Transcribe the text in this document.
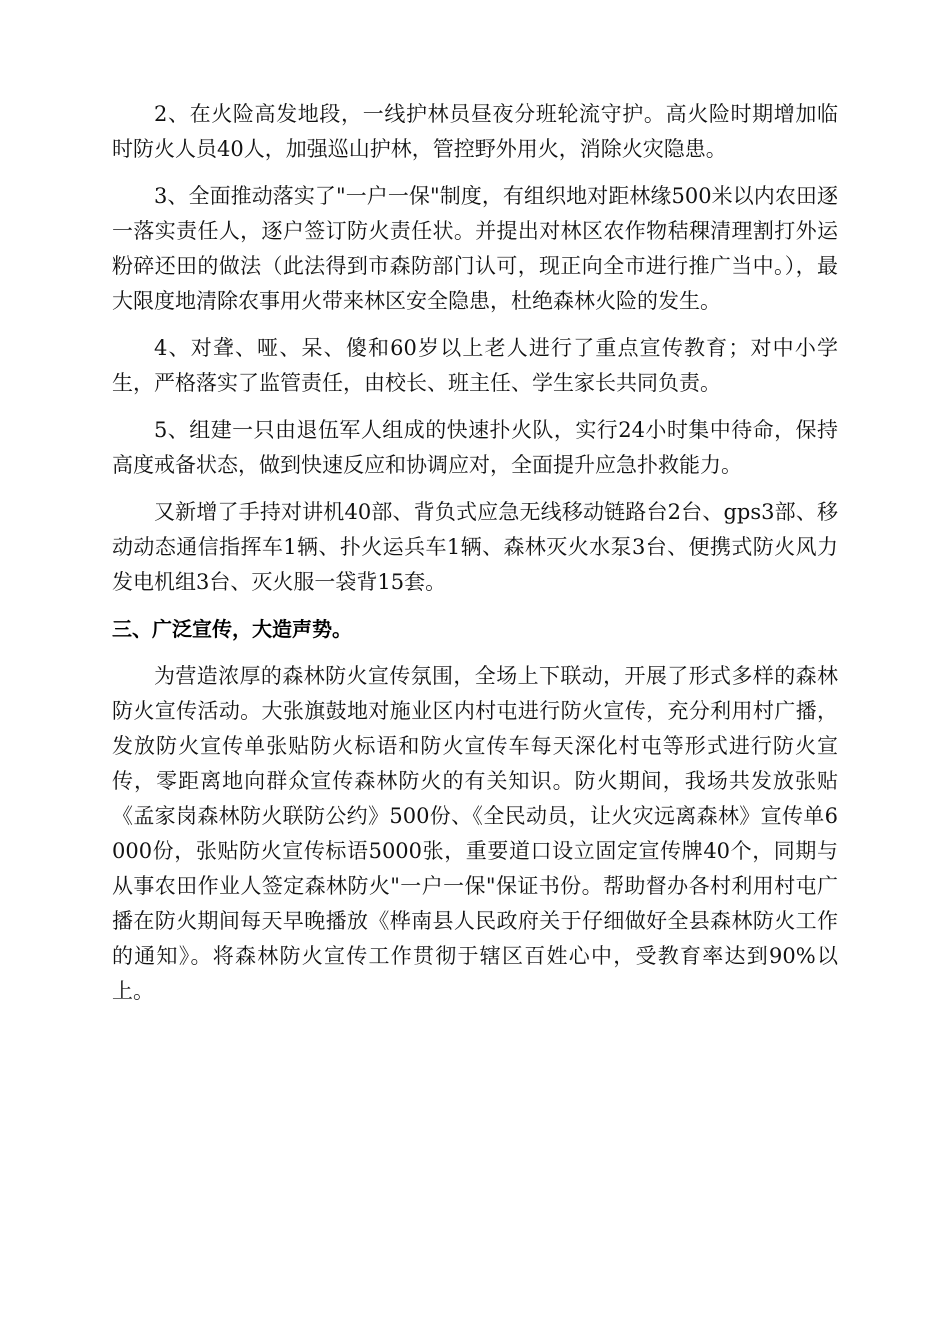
2、在火险高发地段，一线护林员昼夜分班轮流守护。高火险时期增加临时防火人员40人，加强巡山护林，管控野外用火，消除火灾隐患。

3、全面推动落实了"一户一保"制度，有组织地对距林缘500米以内农田逐一落实责任人，逐户签订防火责任状。并提出对林区农作物秸稞清理割打外运粉碎还田的做法（此法得到市森防部门认可，现正向全市进行推广当中。），最大限度地清除农事用火带来林区安全隐患，杜绝森林火险的发生。

4、对聋、哑、呆、傻和60岁以上老人进行了重点宣传教育；对中小学生，严格落实了监管责任，由校长、班主任、学生家长共同负责。

5、组建一只由退伍军人组成的快速扑火队，实行24小时集中待命，保持高度戒备状态，做到快速反应和协调应对，全面提升应急扑救能力。

又新增了手持对讲机40部、背负式应急无线移动链路台2台、gps3部、移动动态通信指挥车1辆、扑火运兵车1辆、森林灭火水泵3台、便携式防火风力发电机组3台、灭火服一袋背15套。

三、广泛宣传，大造声势。

为营造浓厚的森林防火宣传氛围，全场上下联动，开展了形式多样的森林防火宣传活动。大张旗鼓地对施业区内村屯进行防火宣传，充分利用村广播，发放防火宣传单张贴防火标语和防火宣传车每天深化村屯等形式进行防火宣传，零距离地向群众宣传森林防火的有关知识。防火期间，我场共发放张贴《孟家岗森林防火联防公约》500份、《全民动员，让火灾远离森林》宣传单6000份，张贴防火宣传标语5000张，重要道口设立固定宣传牌40个，同期与从事农田作业人签定森林防火"一户一保"保证书份。帮助督办各村利用村屯广播在防火期间每天早晚播放《桦南县人民政府关于仔细做好全县森林防火工作的通知》。将森林防火宣传工作贯彻于辖区百姓心中，受教育率达到90%以上。
